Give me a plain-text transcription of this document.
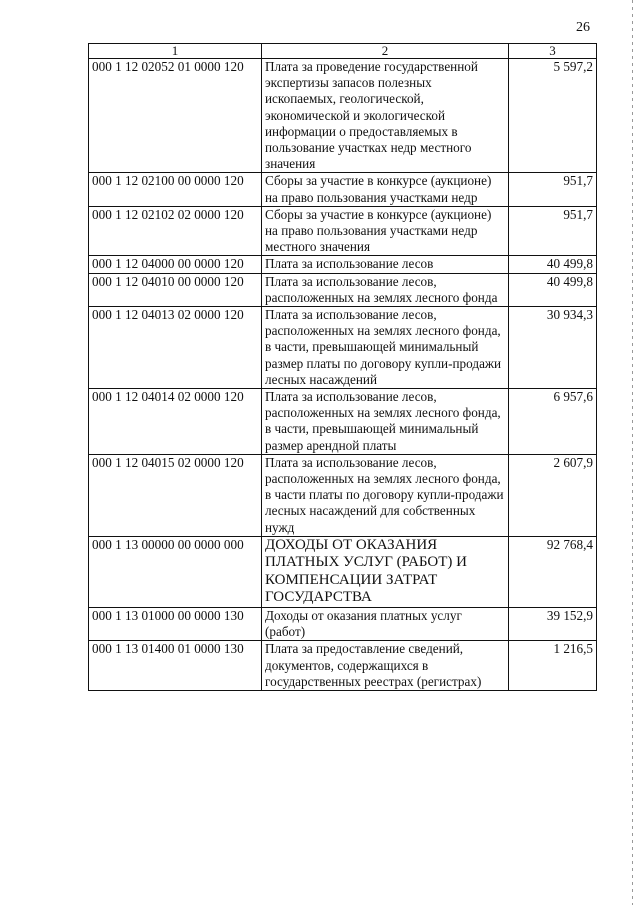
26
1	2	3
000 1 12 02052 01 0000 120	Плата за проведение государственной экспертизы запасов полезных ископаемых, геологической, экономической и экологической информации о предоставляемых в пользование участках недр местного значения	5 597,2
000 1 12 02100 00 0000 120	Сборы за участие в конкурсе (аукционе) на право пользования участками недр	951,7
000 1 12 02102 02 0000 120	Сборы за участие в конкурсе (аукционе) на право пользования участками недр местного значения	951,7
000 1 12 04000 00 0000 120	Плата за использование лесов	40 499,8
000 1 12 04010 00 0000 120	Плата за использование лесов, расположенных на землях лесного фонда	40 499,8
000 1 12 04013 02 0000 120	Плата за использование лесов, расположенных на землях лесного фонда, в части, превышающей минимальный размер платы по договору купли-продажи лесных насаждений	30 934,3
000 1 12 04014 02 0000 120	Плата за использование лесов, расположенных на землях лесного фонда, в части, превышающей минимальный размер арендной платы	6 957,6
000 1 12 04015 02 0000 120	Плата за использование лесов, расположенных на землях лесного фонда, в части платы по договору купли-продажи лесных насаждений для собственных нужд	2 607,9
000 1 13 00000 00 0000 000	ДОХОДЫ ОТ ОКАЗАНИЯ ПЛАТНЫХ УСЛУГ (РАБОТ) И КОМПЕНСАЦИИ ЗАТРАТ ГОСУДАРСТВА	92 768,4
000 1 13 01000 00 0000 130	Доходы от оказания платных услуг (работ)	39 152,9
000 1 13 01400 01 0000 130	Плата за предоставление сведений, документов, содержащихся в государственных реестрах (регистрах)	1 216,5
